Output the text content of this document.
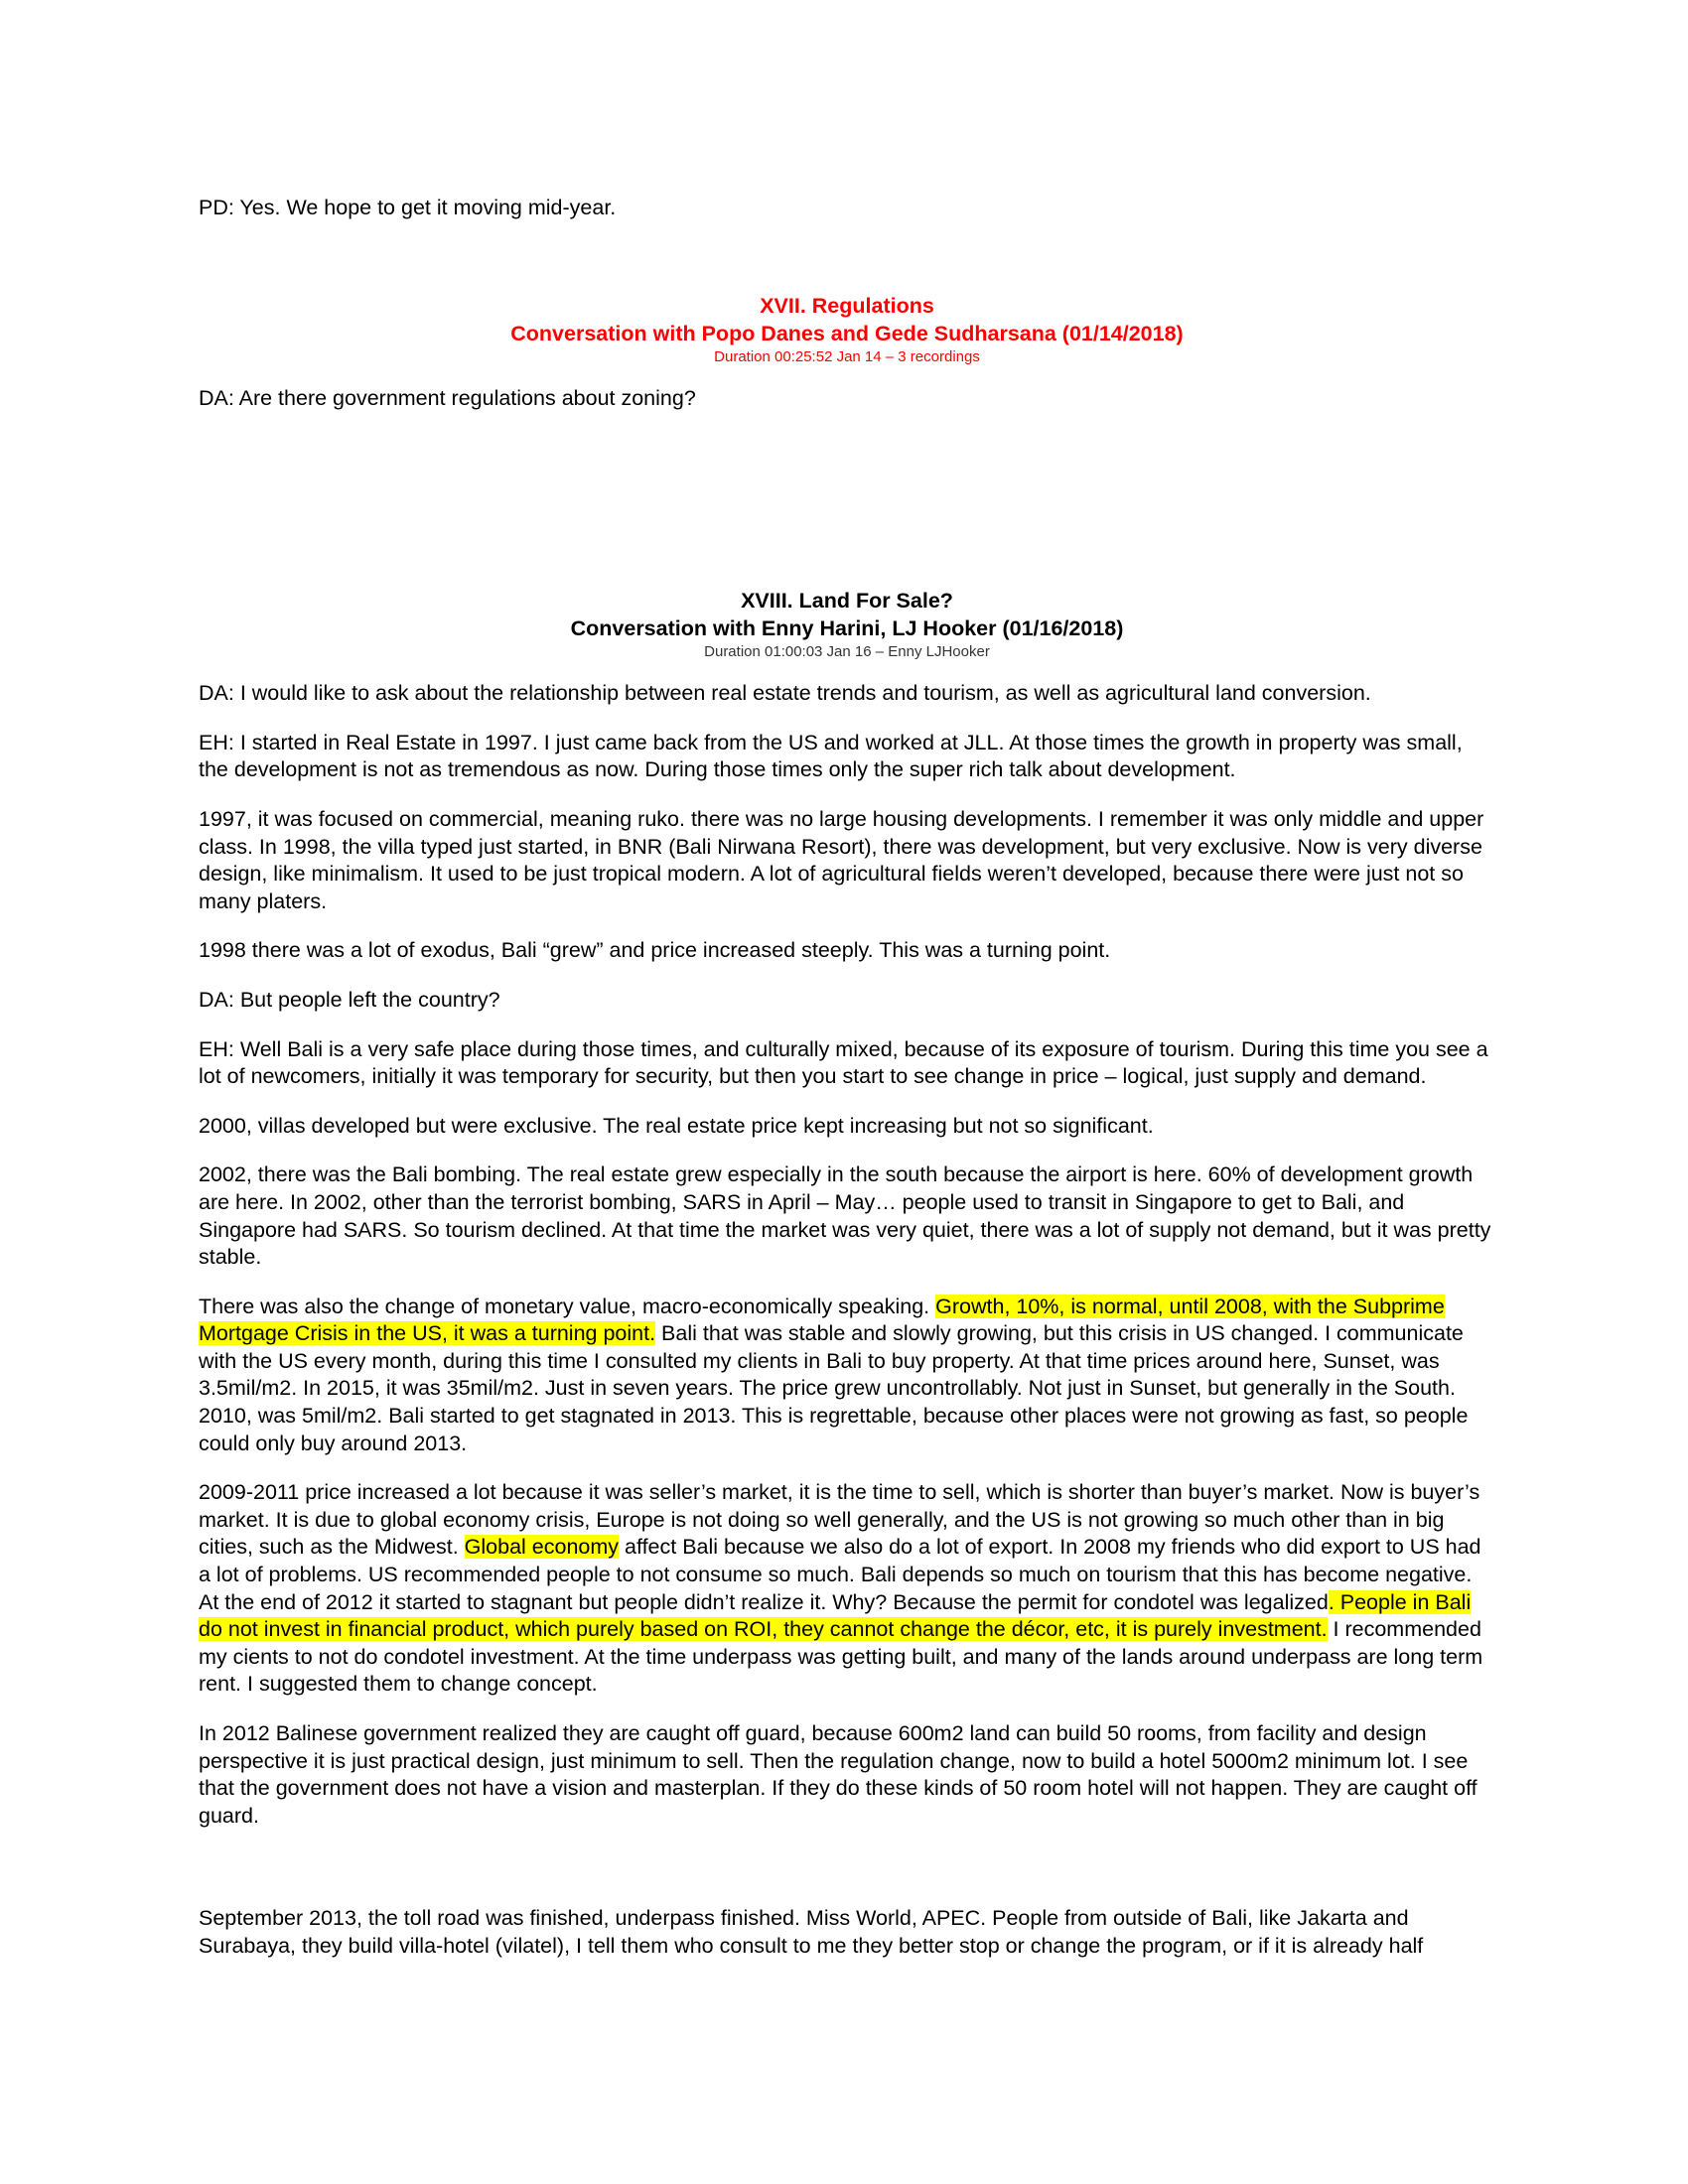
PD: Yes. We hope to get it moving mid-year.

XVII. Regulations

Conversation with Popo Danes and Gede Sudharsana (01/14/2018)

Duration 00:25:52 Jan 14 – 3 recordings

DA: Are there government regulations about zoning?

XVIII. Land For Sale?

Conversation with Enny Harini, LJ Hooker (01/16/2018)

Duration 01:00:03 Jan 16 – Enny LJHooker

DA: I would like to ask about the relationship between real estate trends and tourism, as well as agricultural land conversion.

EH: I started in Real Estate in 1997. I just came back from the US and worked at JLL. At those times the growth in property was small, the development is not as tremendous as now. During those times only the super rich talk about development.

1997, it was focused on commercial, meaning ruko. there was no large housing developments. I remember it was only middle and upper class. In 1998, the villa typed just started, in BNR (Bali Nirwana Resort), there was development, but very exclusive. Now is very diverse design, like minimalism. It used to be just tropical modern. A lot of agricultural fields weren’t developed, because there were just not so many platers.

1998 there was a lot of exodus, Bali “grew” and price increased steeply. This was a turning point.

DA: But people left the country?

EH: Well Bali is a very safe place during those times, and culturally mixed, because of its exposure of tourism. During this time you see a lot of newcomers, initially it was temporary for security, but then you start to see change in price – logical, just supply and demand.

2000, villas developed but were exclusive. The real estate price kept increasing but not so significant.

2002, there was the Bali bombing. The real estate grew especially in the south because the airport is here. 60% of development growth are here. In 2002, other than the terrorist bombing, SARS in April – May… people used to transit in Singapore to get to Bali, and Singapore had SARS. So tourism declined. At that time the market was very quiet, there was a lot of supply not demand, but it was pretty stable.

There was also the change of monetary value, macro-economically speaking. Growth, 10%, is normal, until 2008, with the Subprime Mortgage Crisis in the US, it was a turning point. Bali that was stable and slowly growing, but this crisis in US changed. I communicate with the US every month, during this time I consulted my clients in Bali to buy property. At that time prices around here, Sunset, was 3.5mil/m2. In 2015, it was 35mil/m2. Just in seven years. The price grew uncontrollably. Not just in Sunset, but generally in the South. 2010, was 5mil/m2. Bali started to get stagnated in 2013. This is regrettable, because other places were not growing as fast, so people could only buy around 2013.

2009-2011 price increased a lot because it was seller’s market, it is the time to sell, which is shorter than buyer’s market. Now is buyer’s market. It is due to global economy crisis, Europe is not doing so well generally, and the US is not growing so much other than in big cities, such as the Midwest. Global economy affect Bali because we also do a lot of export. In 2008 my friends who did export to US had a lot of problems. US recommended people to not consume so much. Bali depends so much on tourism that this has become negative. At the end of 2012 it started to stagnant but people didn’t realize it. Why? Because the permit for condotel was legalized. People in Bali do not invest in financial product, which purely based on ROI, they cannot change the décor, etc, it is purely investment. I recommended my cients to not do condotel investment. At the time underpass was getting built, and many of the lands around underpass are long term rent. I suggested them to change concept.

In 2012 Balinese government realized they are caught off guard, because 600m2 land can build 50 rooms, from facility and design perspective it is just practical design, just minimum to sell. Then the regulation change, now to build a hotel 5000m2 minimum lot. I see that the government does not have a vision and masterplan. If they do these kinds of 50 room hotel will not happen. They are caught off guard.

September 2013, the toll road was finished, underpass finished. Miss World, APEC. People from outside of Bali, like Jakarta and Surabaya, they build villa-hotel (vilatel), I tell them who consult to me they better stop or change the program, or if it is already half
